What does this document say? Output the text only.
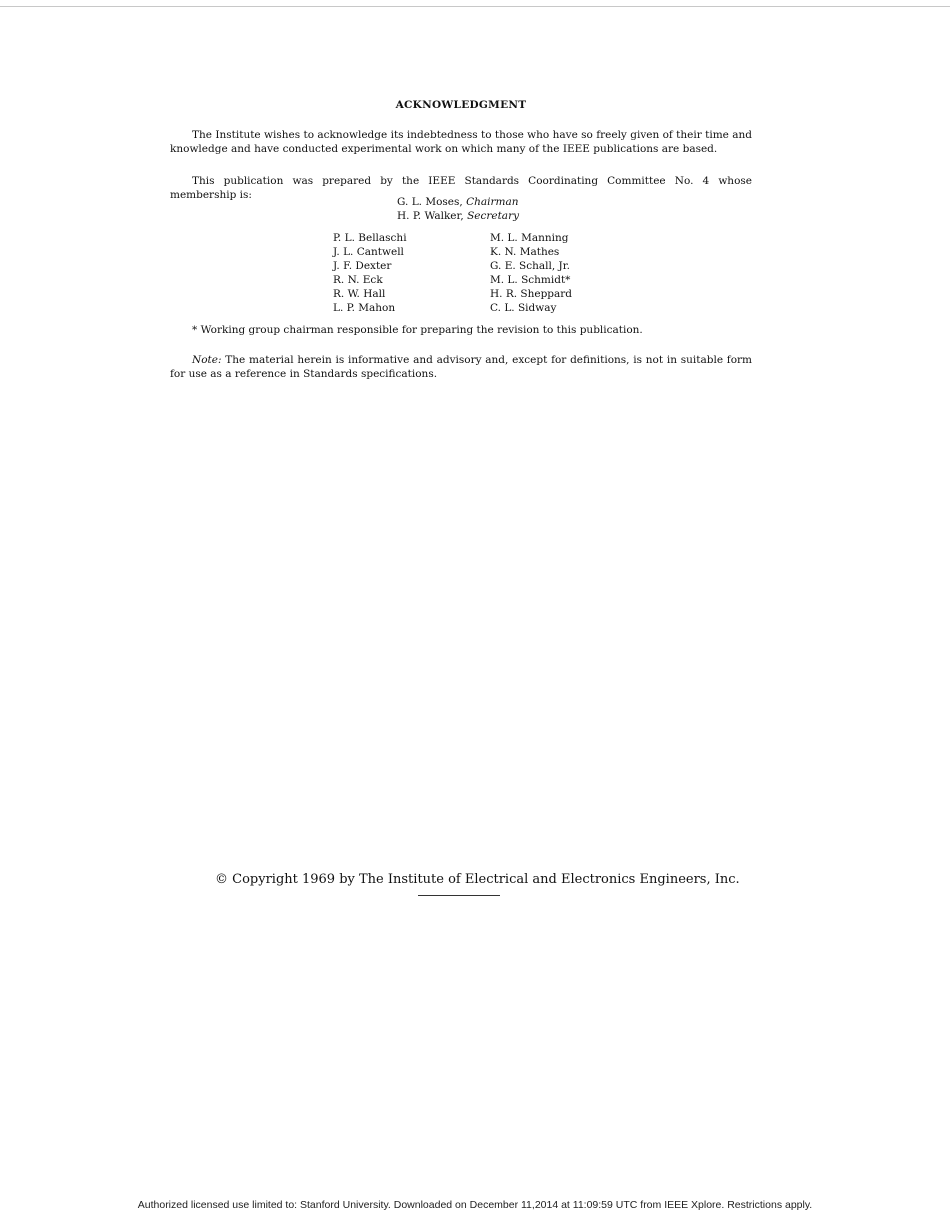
ACKNOWLEDGMENT
The Institute wishes to acknowledge its indebtedness to those who have so freely given of their time and knowledge and have conducted experimental work on which many of the IEEE publications are based.
This publication was prepared by the IEEE Standards Coordinating Committee No. 4 whose membership is:
G. L. Moses, Chairman
H. P. Walker, Secretary
P. L. Bellaschi
J. L. Cantwell
J. F. Dexter
R. N. Eck
R. W. Hall
L. P. Mahon
M. L. Manning
K. N. Mathes
G. E. Schall, Jr.
M. L. Schmidt*
H. R. Sheppard
C. L. Sidway
* Working group chairman responsible for preparing the revision to this publication.
Note: The material herein is informative and advisory and, except for definitions, is not in suitable form for use as a reference in Standards specifications.
© Copyright 1969 by The Institute of Electrical and Electronics Engineers, Inc.
Authorized licensed use limited to: Stanford University. Downloaded on December 11,2014 at 11:09:59 UTC from IEEE Xplore. Restrictions apply.
